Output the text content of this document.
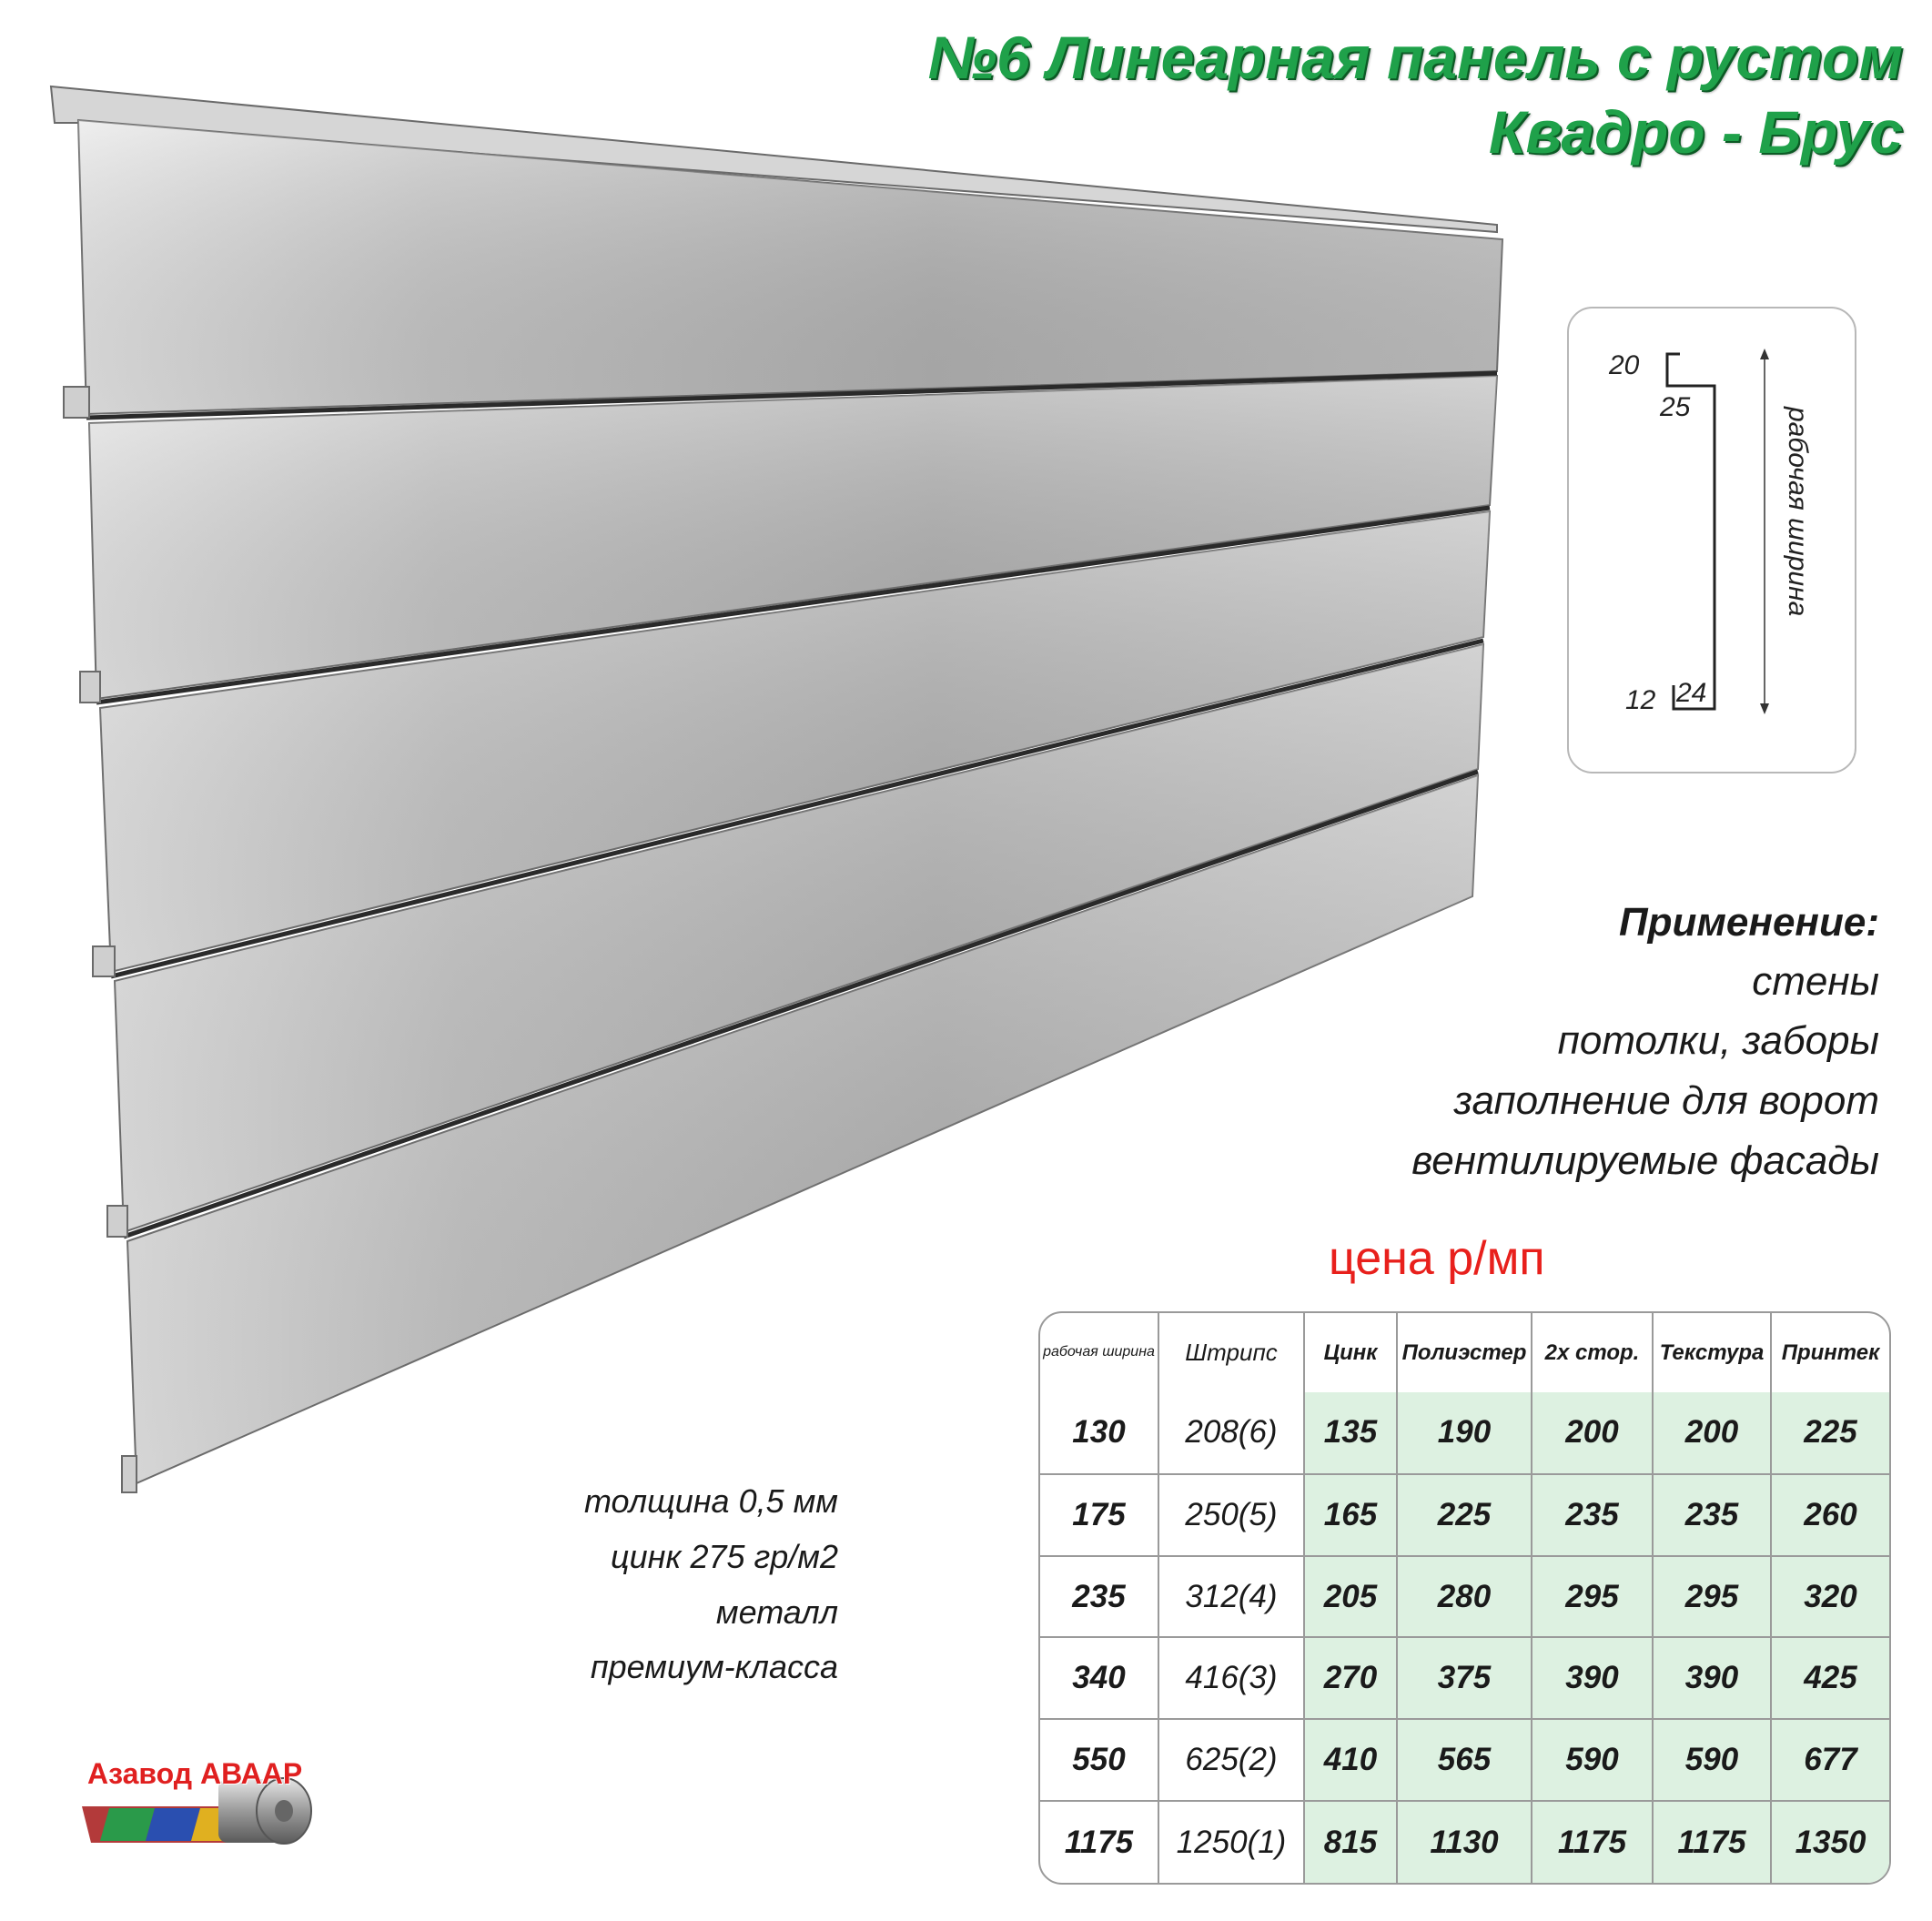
№6 Линеарная панель с рустом
Квадро - Брус
20
25
12 24
рабочая ширина
Применение:
стены
потолки, заборы
заполнение для ворот
вентилируемые фасады
цена р/мп
толщина 0,5 мм
цинк 275 гр/м2
металл
премиум-класса
рабочая ширина	Штрипс	Цинк	Полиэстер	2х стор.	Текстура	Принтек
130	208(6)	135	190	200	200	225
175	250(5)	165	225	235	235	260
235	312(4)	205	280	295	295	320
340	416(3)	270	375	390	390	425
550	625(2)	410	565	590	590	677
1175	1250(1)	815	1130	1175	1175	1350
Азавод АВААР
